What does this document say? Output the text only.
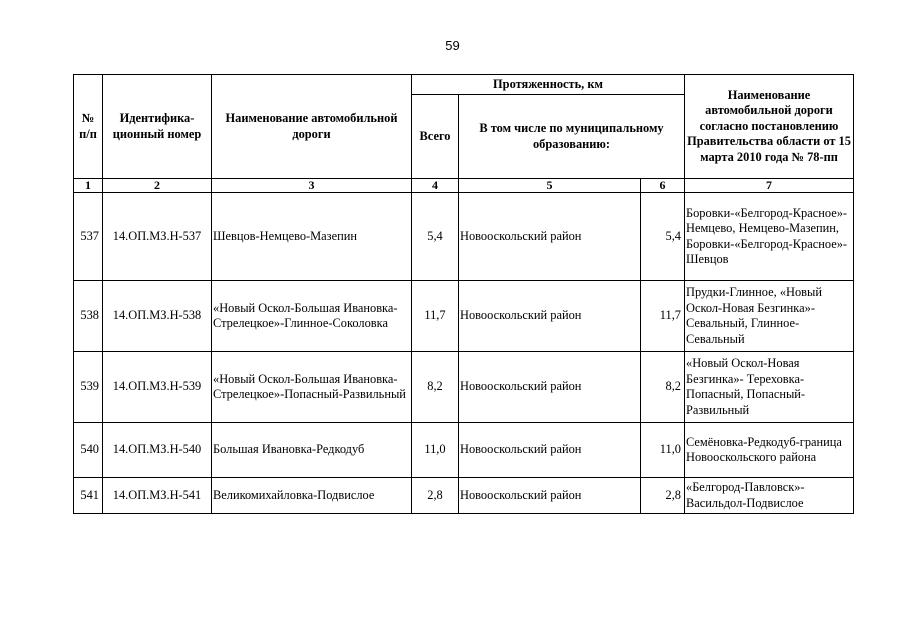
59
№ п/п	Идентифика-ционный номер	Наименование автомобильной дороги	Протяженность, км			Наименование автомобильной дороги согласно постановлению Правительства области от 15 марта 2010 года № 78-пп
			Всего	В том числе по муниципальному образованию:		
1	2	3	4	5	6	7
537	14.ОП.МЗ.Н-537	Шевцов-Немцево-Мазепин	5,4	Новооскольский район	5,4	Боровки-«Белгород-Красное»-Немцево, Немцево-Мазепин, Боровки-«Белгород-Красное»-Шевцов
538	14.ОП.МЗ.Н-538	«Новый Оскол-Большая Ивановка-Стрелецкое»-Глинное-Соколовка	11,7	Новооскольский район	11,7	Прудки-Глинное, «Новый Оскол-Новая Безгинка»-Севальный, Глинное-Севальный
539	14.ОП.МЗ.Н-539	«Новый Оскол-Большая Ивановка-Стрелецкое»-Попасный-Развильный	8,2	Новооскольский район	8,2	«Новый Оскол-Новая Безгинка»- Тереховка-Попасный, Попасный-Развильный
540	14.ОП.МЗ.Н-540	Большая Ивановка-Редкодуб	11,0	Новооскольский район	11,0	Семёновка-Редкодуб-граница Новооскольского района
541	14.ОП.МЗ.Н-541	Великомихайловка-Подвислое	2,8	Новооскольский район	2,8	«Белгород-Павловск»-Васильдол-Подвислое
